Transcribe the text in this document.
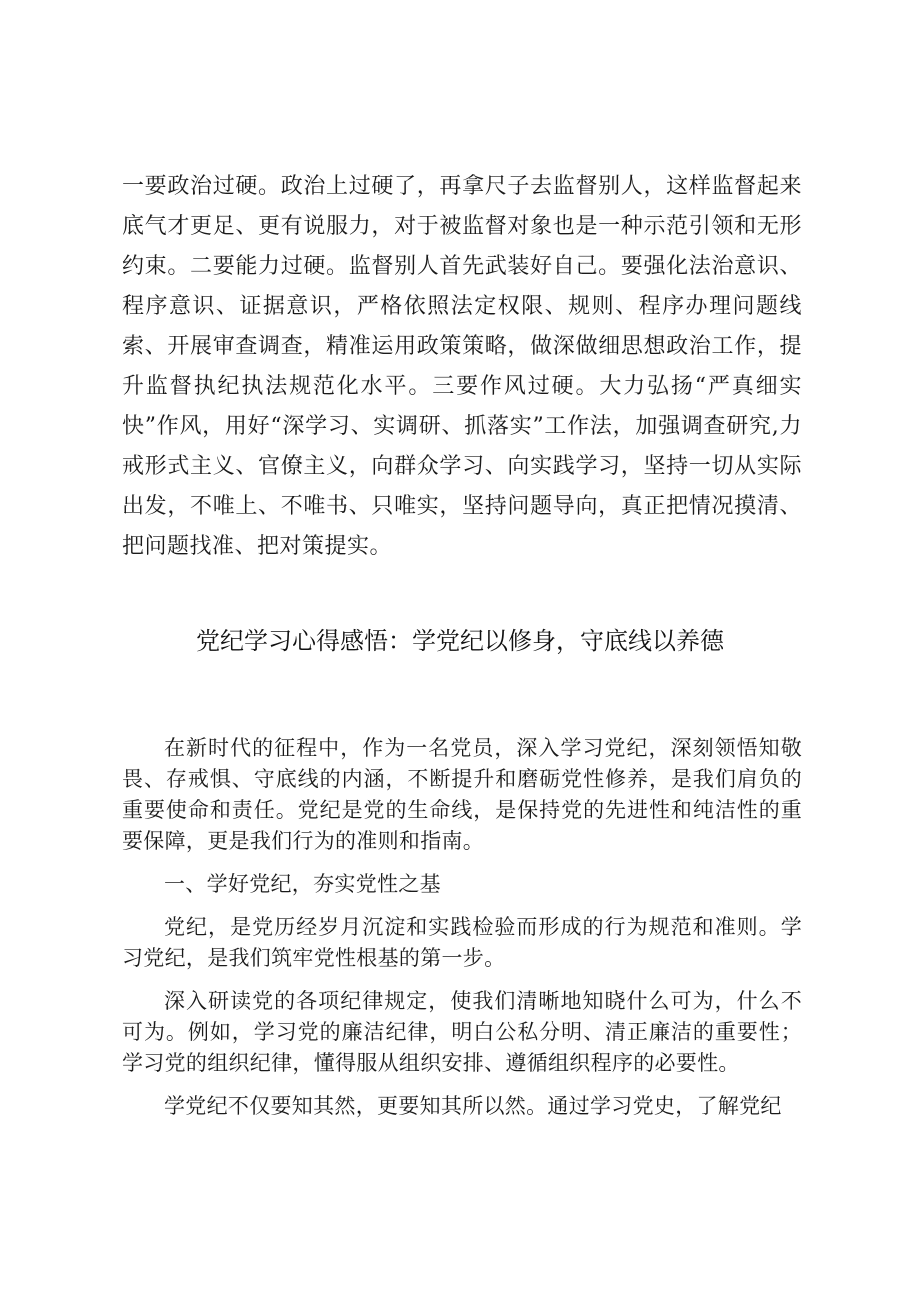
一要政治过硬。政治上过硬了，再拿尺子去监督别人，这样监督起来底气才更足、更有说服力，对于被监督对象也是一种示范引领和无形约束。二要能力过硬。监督别人首先武装好自己。要强化法治意识、程序意识、证据意识，严格依照法定权限、规则、程序办理问题线索、开展审查调查，精准运用政策策略，做深做细思想政治工作，提升监督执纪执法规范化水平。三要作风过硬。大力弘扬“严真细实快”作风，用好“深学习、实调研、抓落实”工作法，加强调查研究,力戒形式主义、官僚主义，向群众学习、向实践学习，坚持一切从实际出发，不唯上、不唯书、只唯实，坚持问题导向，真正把情况摸清、把问题找准、把对策提实。
党纪学习心得感悟：学党纪以修身，守底线以养德

在新时代的征程中，作为一名党员，深入学习党纪，深刻领悟知敬畏、存戒惧、守底线的内涵，不断提升和磨砺党性修养，是我们肩负的重要使命和责任。党纪是党的生命线，是保持党的先进性和纯洁性的重要保障，更是我们行为的准则和指南。

一、学好党纪，夯实党性之基

党纪，是党历经岁月沉淀和实践检验而形成的行为规范和准则。学习党纪，是我们筑牢党性根基的第一步。

深入研读党的各项纪律规定，使我们清晰地知晓什么可为，什么不可为。例如，学习党的廉洁纪律，明白公私分明、清正廉洁的重要性；学习党的组织纪律，懂得服从组织安排、遵循组织程序的必要性。

学党纪不仅要知其然，更要知其所以然。通过学习党史，了解党纪
